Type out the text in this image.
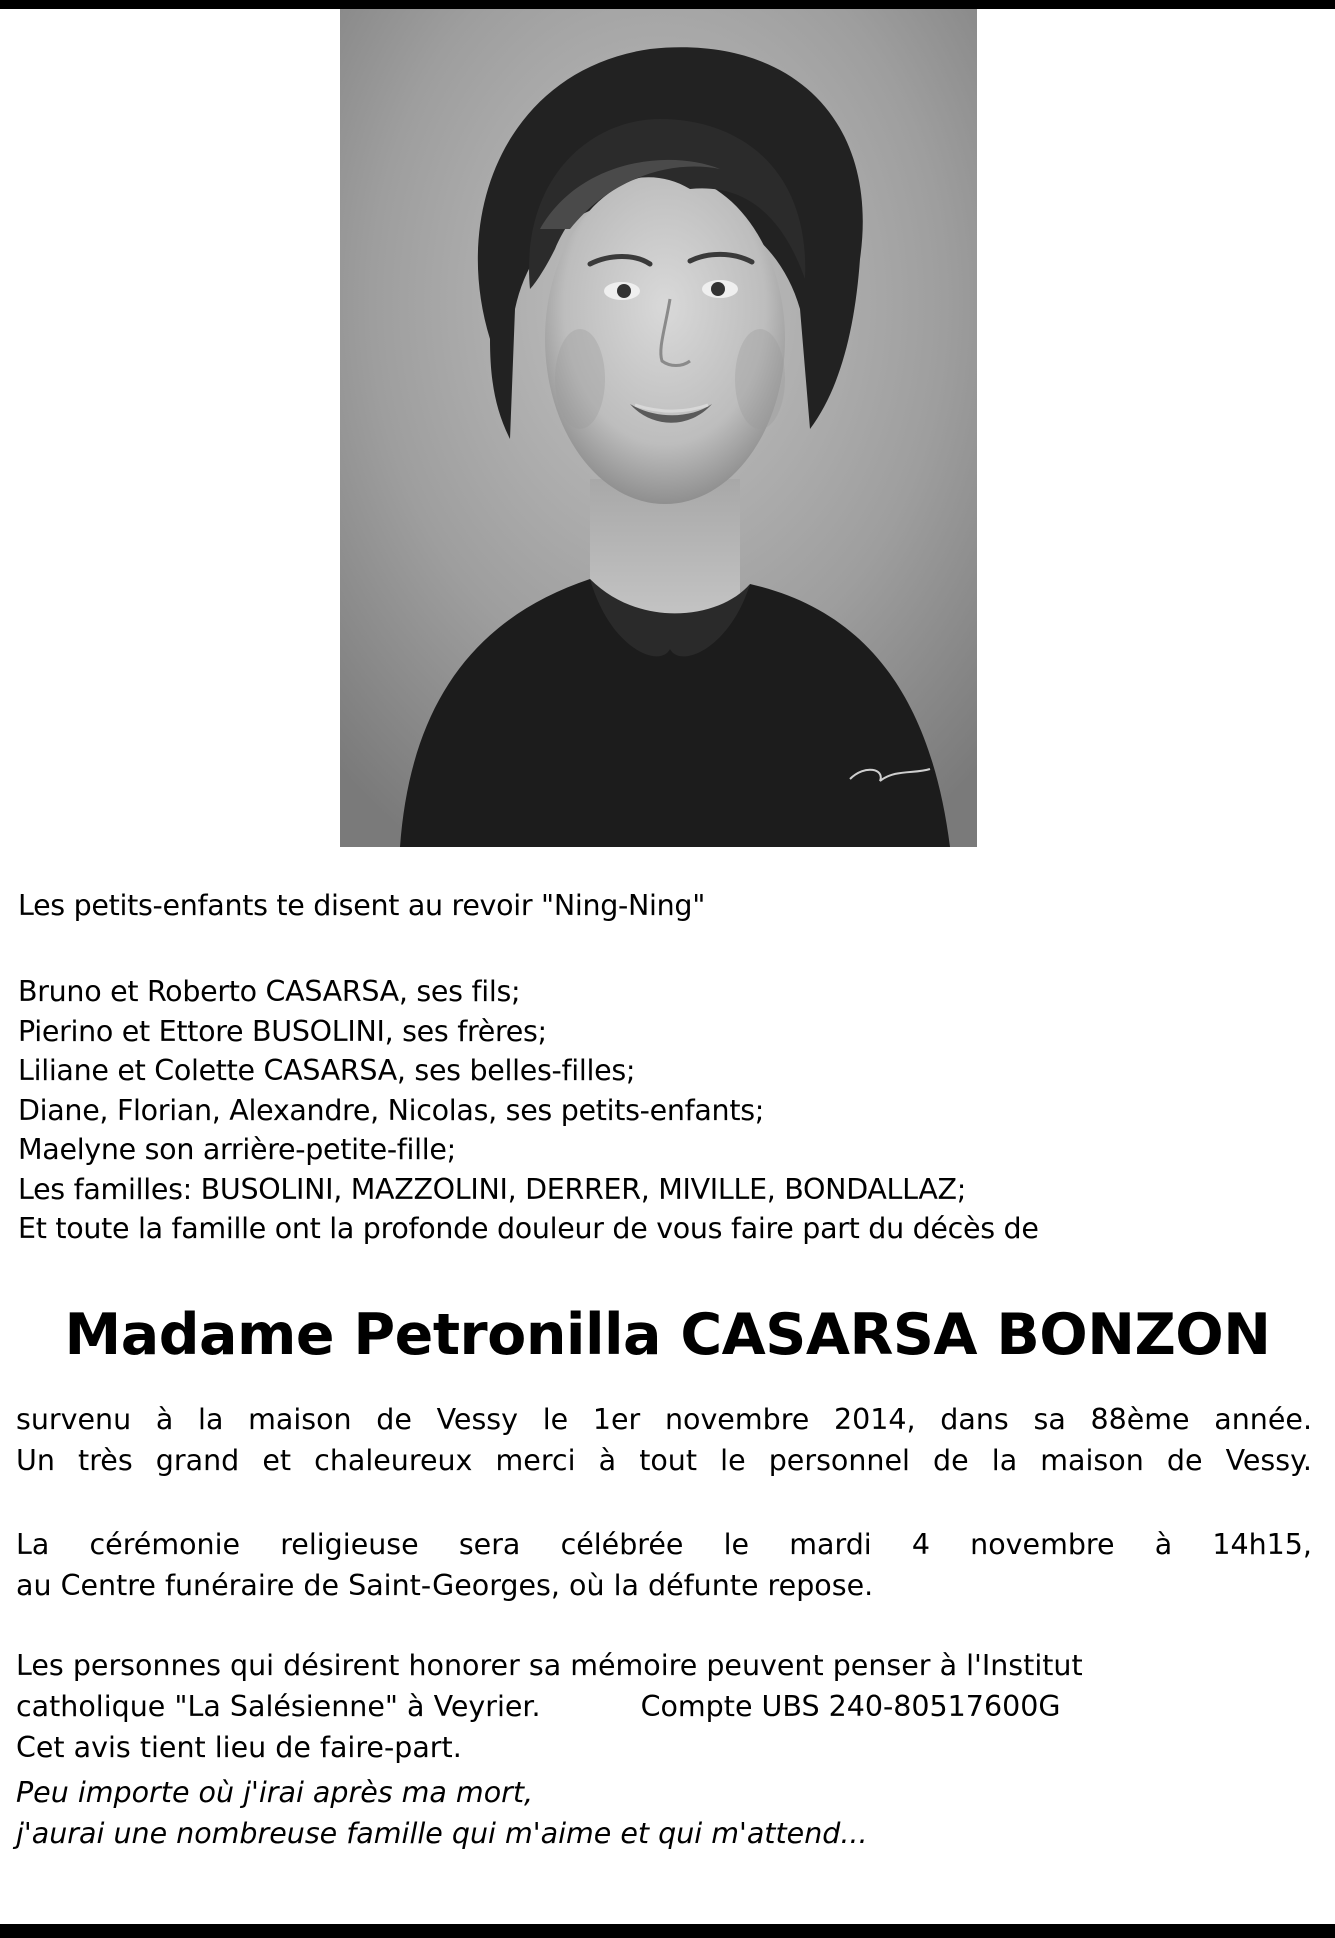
Les petits-enfants te disent au revoir "Ning-Ning"
Bruno et Roberto CASARSA, ses fils;
Pierino et Ettore BUSOLINI, ses frères;
Liliane et Colette CASARSA, ses belles-filles;
Diane, Florian, Alexandre, Nicolas, ses petits-enfants;
Maelyne son arrière-petite-fille;
Les familles: BUSOLINI, MAZZOLINI, DERRER, MIVILLE, BONDALLAZ;
Et toute la famille ont la profonde douleur de vous faire part du décès de
Madame Petronilla CASARSA BONZON
survenu à la maison de Vessy le 1er novembre 2014, dans sa 88ème année.
Un très grand et chaleureux merci à tout le personnel de la maison de Vessy.
La cérémonie religieuse sera célébrée le mardi 4 novembre à 14h15,
au Centre funéraire de Saint-Georges, où la défunte repose.
Les personnes qui désirent honorer sa mémoire peuvent penser à l'Institut
catholique "La Salésienne" à Veyrier.	Compte UBS 240-80517600G
Cet avis tient lieu de faire-part.
Peu importe où j'irai après ma mort,
j'aurai une nombreuse famille qui m'aime et qui m'attend...
